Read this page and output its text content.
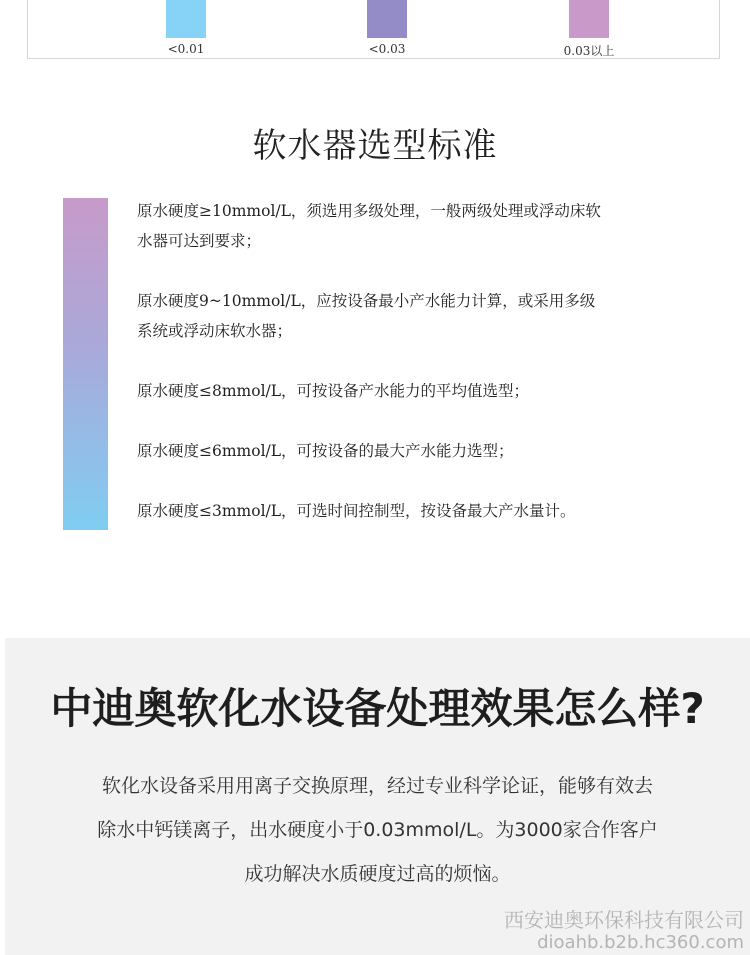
<0.01	<0.03	0.03以上
软水器选型标准
原水硬度≥10mmol/L，须选用多级处理，一般两级处理或浮动床软
水器可达到要求；
原水硬度9~10mmol/L，应按设备最小产水能力计算，或采用多级
系统或浮动床软水器；
原水硬度≤8mmol/L，可按设备产水能力的平均值选型；
原水硬度≤6mmol/L，可按设备的最大产水能力选型；
原水硬度≤3mmol/L，可选时间控制型，按设备最大产水量计。
中迪奥软化水设备处理效果怎么样?
软化水设备采用用离子交换原理，经过专业科学论证，能够有效去
除水中钙镁离子，出水硬度小于0.03mmol/L。为3000家合作客户
成功解决水质硬度过高的烦恼。
西安迪奥环保科技有限公司
dioahb.b2b.hc360.com
